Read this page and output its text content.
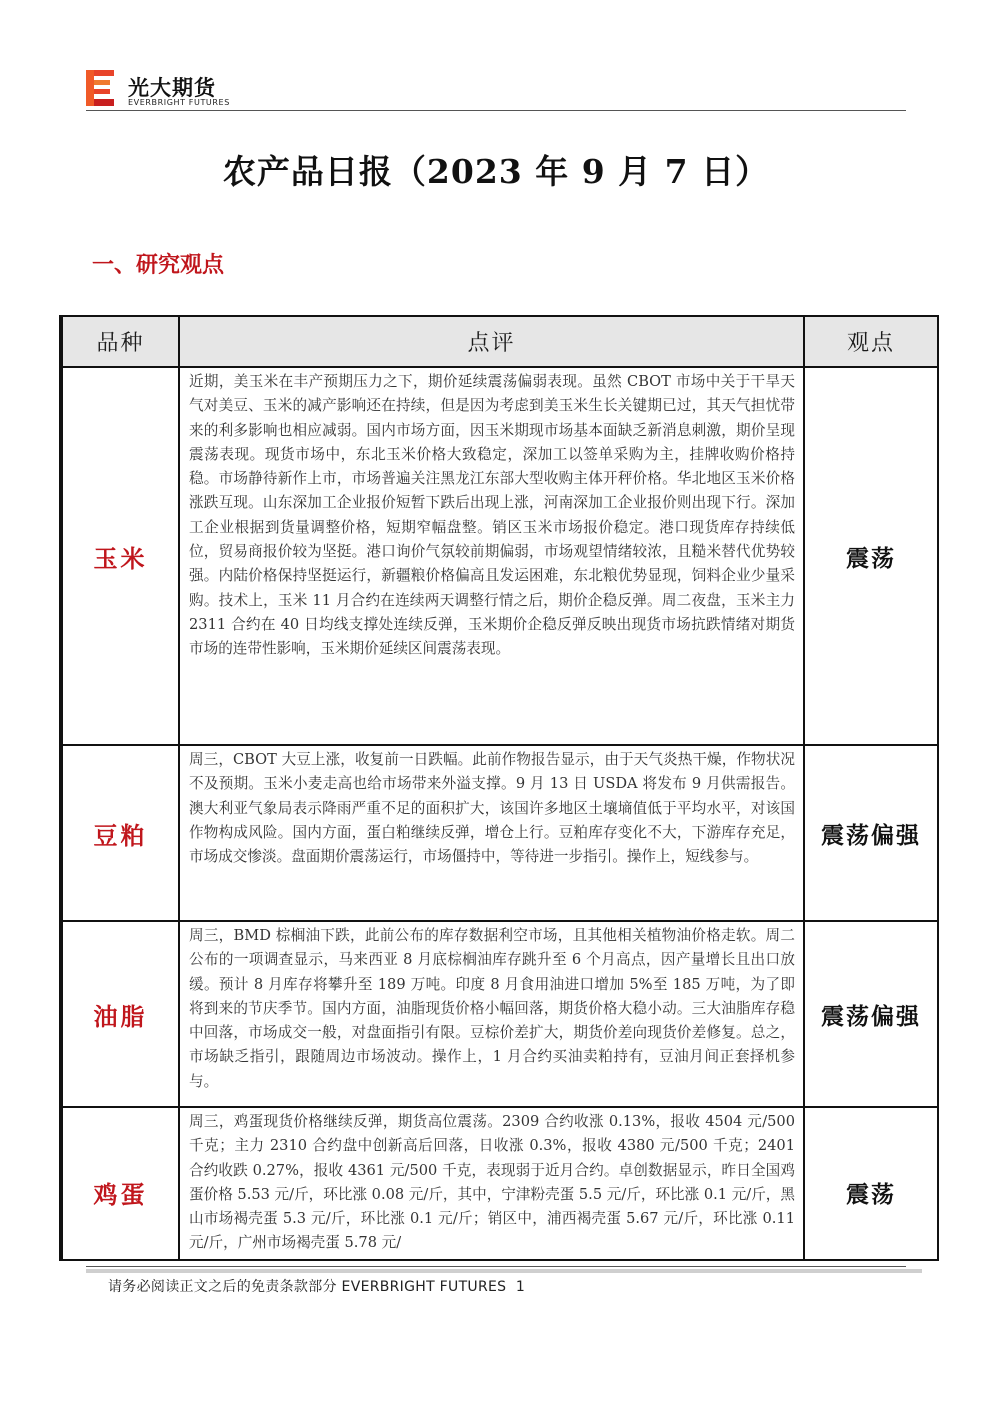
光大期货
EVERBRIGHT FUTURES
农产品日报（2023 年 9 月 7 日）
一、研究观点
品种	点评	观点
玉米	近期，美玉米在丰产预期压力之下，期价延续震荡偏弱表现。虽然 CBOT 市场中关于干旱天气对美豆、玉米的减产影响还在持续，但是因为考虑到美玉米生长关键期已过，其天气担忧带来的利多影响也相应减弱。国内市场方面，因玉米期现市场基本面缺乏新消息刺激，期价呈现震荡表现。现货市场中，东北玉米价格大致稳定，深加工以签单采购为主，挂牌收购价格持稳。市场静待新作上市，市场普遍关注黑龙江东部大型收购主体开秤价格。华北地区玉米价格涨跌互现。山东深加工企业报价短暂下跌后出现上涨，河南深加工企业报价则出现下行。深加工企业根据到货量调整价格，短期窄幅盘整。销区玉米市场报价稳定。港口现货库存持续低位，贸易商报价较为坚挺。港口询价气氛较前期偏弱，市场观望情绪较浓，且糙米替代优势较强。内陆价格保持坚挺运行，新疆粮价格偏高且发运困难，东北粮优势显现，饲料企业少量采购。技术上，玉米 11 月合约在连续两天调整行情之后，期价企稳反弹。周二夜盘，玉米主力 2311 合约在 40 日均线支撑处连续反弹，玉米期价企稳反弹反映出现货市场抗跌情绪对期货市场的连带性影响，玉米期价延续区间震荡表现。	震荡
豆粕	周三，CBOT 大豆上涨，收复前一日跌幅。此前作物报告显示，由于天气炎热干燥，作物状况不及预期。玉米小麦走高也给市场带来外溢支撑。9 月 13 日 USDA 将发布 9 月供需报告。澳大利亚气象局表示降雨严重不足的面积扩大，该国许多地区土壤墒值低于平均水平，对该国作物构成风险。国内方面，蛋白粕继续反弹，增仓上行。豆粕库存变化不大，下游库存充足，市场成交惨淡。盘面期价震荡运行，市场僵持中，等待进一步指引。操作上，短线参与。	震荡偏强
油脂	周三，BMD 棕榈油下跌，此前公布的库存数据利空市场，且其他相关植物油价格走软。周二公布的一项调查显示，马来西亚 8 月底棕榈油库存跳升至 6 个月高点，因产量增长且出口放缓。预计 8 月库存将攀升至 189 万吨。印度 8 月食用油进口增加 5%至 185 万吨，为了即将到来的节庆季节。国内方面，油脂现货价格小幅回落，期货价格大稳小动。三大油脂库存稳中回落，市场成交一般，对盘面指引有限。豆棕价差扩大，期货价差向现货价差修复。总之，市场缺乏指引，跟随周边市场波动。操作上，1 月合约买油卖粕持有，豆油月间正套择机参与。	震荡偏强
鸡蛋	周三，鸡蛋现货价格继续反弹，期货高位震荡。2309 合约收涨 0.13%，报收 4504 元/500 千克；主力 2310 合约盘中创新高后回落，日收涨 0.3%，报收 4380 元/500 千克；2401 合约收跌 0.27%，报收 4361 元/500 千克，表现弱于近月合约。卓创数据显示，昨日全国鸡蛋价格 5.53 元/斤，环比涨 0.08 元/斤，其中，宁津粉壳蛋 5.5 元/斤，环比涨 0.1 元/斤，黑山市场褐壳蛋 5.3 元/斤，环比涨 0.1 元/斤；销区中，浦西褐壳蛋 5.67 元/斤，环比涨 0.11 元/斤，广州市场褐壳蛋 5.78 元/	震荡
请务必阅读正文之后的免责条款部分 EVERBRIGHT FUTURES 1
